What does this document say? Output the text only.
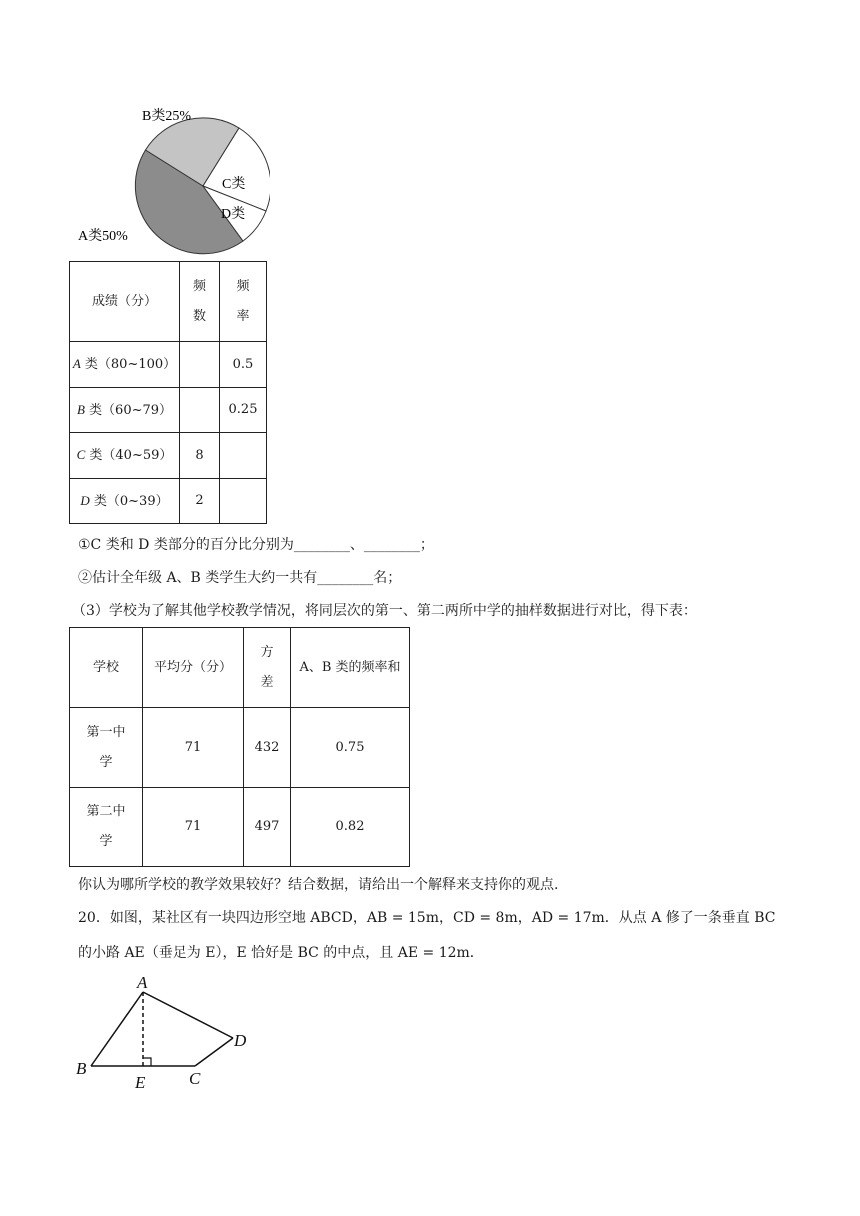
B类25%
C类
D类
A类50%
成绩（分）	频数	频率
A 类（80~100）		0.5
B 类（60~79）		0.25
C 类（40~59）	8	
D 类（0~39）	2	
①C 类和 D 类部分的百分比分别为________、________；
②估计全年级 A、B 类学生大约一共有________名；
（3）学校为了解其他学校教学情况，将同层次的第一、第二两所中学的抽样数据进行对比，得下表：
学校	平均分（分）	方差	A、B 类的频率和
第一中学	71	432	0.75
第二中学	71	497	0.82
你认为哪所学校的教学效果较好？结合数据，请给出一个解释来支持你的观点.
20．如图，某社区有一块四边形空地 ABCD，AB = 15m，CD = 8m，AD = 17m．从点 A 修了一条垂直 BC
的小路 AE（垂足为 E），E 恰好是 BC 的中点，且 AE = 12m．
A
B
C
D
E
